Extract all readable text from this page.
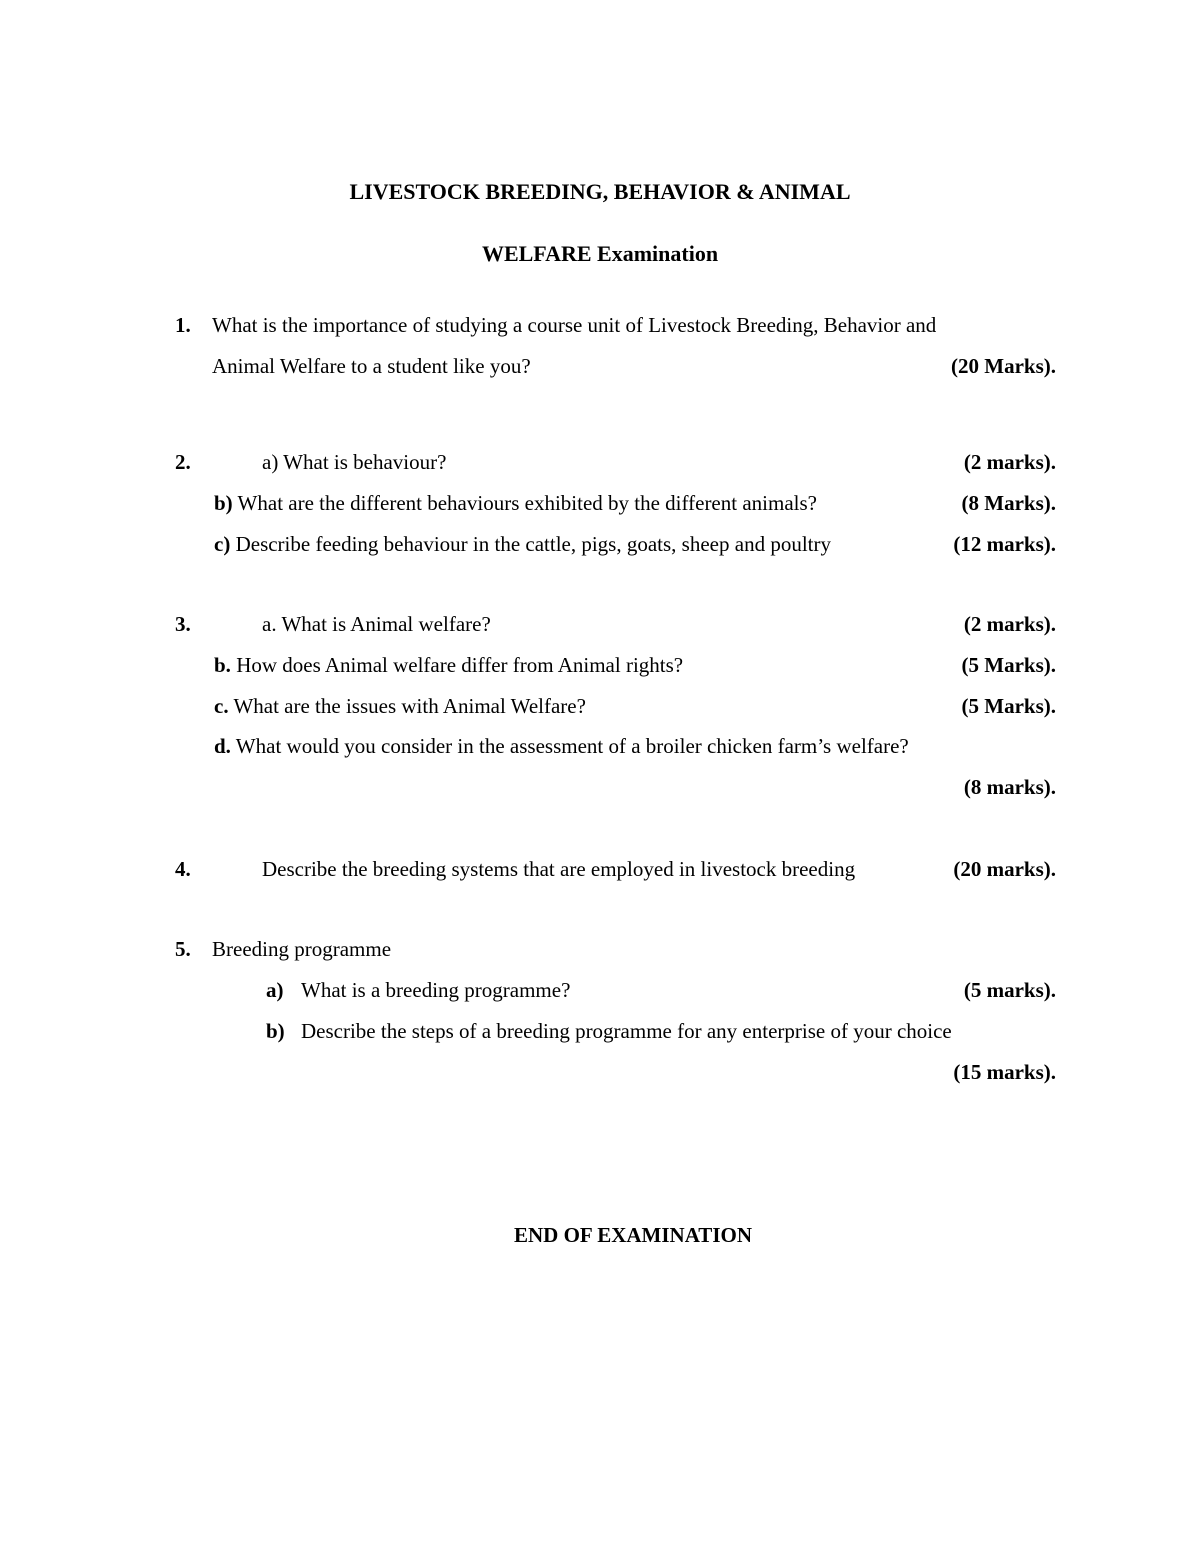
LIVESTOCK BREEDING, BEHAVIOR & ANIMAL
WELFARE Examination
1. What is the importance of studying a course unit of Livestock Breeding, Behavior and
Animal Welfare to a student like you?	(20 Marks).
2.	a) What is behaviour?	(2 marks).
b) What are the different behaviours exhibited by the different animals?	(8 Marks).
c) Describe feeding behaviour in the cattle, pigs, goats, sheep and poultry	(12 marks).
3.	a. What is Animal welfare?	(2 marks).
b. How does Animal welfare differ from Animal rights?	(5 Marks).
c. What are the issues with Animal Welfare?	(5 Marks).
d. What would you consider in the assessment of a broiler chicken farm’s welfare?
(8 marks).
4.	Describe the breeding systems that are employed in livestock breeding	(20 marks).
5. Breeding programme
a) What is a breeding programme?	(5 marks).
b) Describe the steps of a breeding programme for any enterprise of your choice
(15 marks).
END OF EXAMINATION
